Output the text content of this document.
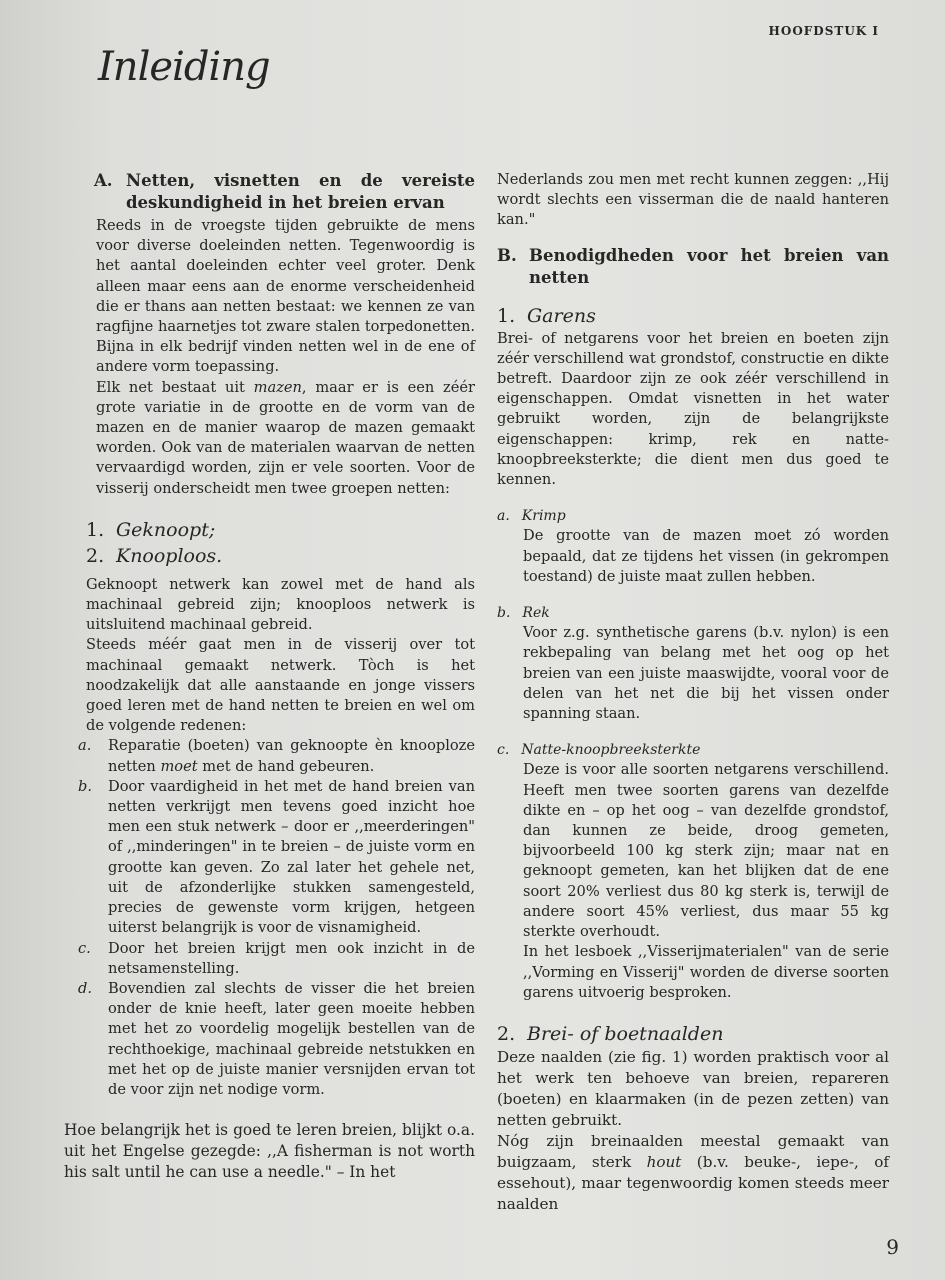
HOOFDSTUK I
Inleiding
A. Netten, visnetten en de vereiste deskundigheid in het breien ervan

Reeds in de vroegste tijden gebruikte de mens voor diverse doeleinden netten. Tegenwoordig is het aantal doeleinden echter veel groter. Denk alleen maar eens aan de enorme verscheidenheid die er thans aan netten bestaat: we kennen ze van ragfijne haarnetjes tot zware stalen torpedonetten. Bijna in elk bedrijf vinden netten wel in de ene of andere vorm toepassing.

Elk net bestaat uit mazen, maar er is een zéér grote variatie in de grootte en de vorm van de mazen en de manier waarop de mazen gemaakt worden. Ook van de materialen waarvan de netten vervaardigd worden, zijn er vele soorten. Voor de visserij onderscheidt men twee groepen netten:

1. Geknoopt;
2. Knooploos.

Geknoopt netwerk kan zowel met de hand als machinaal gebreid zijn; knooploos netwerk is uitsluitend machinaal gebreid.

Steeds méér gaat men in de visserij over tot machinaal gemaakt netwerk. Tòch is het noodzakelijk dat alle aanstaande en jonge vissers goed leren met de hand netten te breien en wel om de volgende redenen:

a.	Reparatie (boeten) van geknoopte èn knooploze netten moet met de hand gebeuren.
b.	Door vaardigheid in het met de hand breien van netten verkrijgt men tevens goed inzicht hoe men een stuk netwerk – door er ,,meerderingen" of ,,minderingen" in te breien – de juiste vorm en grootte kan geven. Zo zal later het gehele net, uit de afzonderlijke stukken samengesteld, precies de gewenste vorm krijgen, hetgeen uiterst belangrijk is voor de visnamigheid.
c.	Door het breien krijgt men ook inzicht in de netsamenstelling.
d.	Bovendien zal slechts de visser die het breien onder de knie heeft, later geen moeite hebben met het zo voordelig mogelijk bestellen van de rechthoekige, machinaal gebreide netstukken en met het op de juiste manier versnijden ervan tot de voor zijn net nodige vorm.

Hoe belangrijk het is goed te leren breien, blijkt o.a. uit het Engelse gezegde: ,,A fisherman is not worth his salt until he can use a needle." – In het

Nederlands zou men met recht kunnen zeggen: ,,Hij wordt slechts een visserman die de naald hanteren kan."

B. Benodigdheden voor het breien van netten
1. Garens

Brei- of netgarens voor het breien en boeten zijn zéér verschillend wat grondstof, constructie en dikte betreft. Daardoor zijn ze ook zéér verschillend in eigenschappen. Omdat visnetten in het water gebruikt worden, zijn de belangrijkste eigenschappen: krimp, rek en natte-knoopbreeksterkte; die dient men dus goed te kennen.

a. Krimp

De grootte van de mazen moet zó worden bepaald, dat ze tijdens het vissen (in gekrompen toestand) de juiste maat zullen hebben.

b. Rek

Voor z.g. synthetische garens (b.v. nylon) is een rekbepaling van belang met het oog op het breien van een juiste maaswijdte, vooral voor de delen van het net die bij het vissen onder spanning staan.

c. Natte-knoopbreeksterkte

Deze is voor alle soorten netgarens verschillend. Heeft men twee soorten garens van dezelfde dikte en – op het oog – van dezelfde grondstof, dan kunnen ze beide, droog gemeten, bijvoorbeeld 100 kg sterk zijn; maar nat en geknoopt gemeten, kan het blijken dat de ene soort 20% verliest dus 80 kg sterk is, terwijl de andere soort 45% verliest, dus maar 55 kg sterkte overhoudt.

In het lesboek ,,Visserijmaterialen" van de serie ,,Vorming en Visserij" worden de diverse soorten garens uitvoerig besproken.

2. Brei- of boetnaalden

Deze naalden (zie fig. 1) worden praktisch voor al het werk ten behoeve van breien, repareren (boeten) en klaarmaken (in de pezen zetten) van netten gebruikt.

Nóg zijn breinaalden meestal gemaakt van buigzaam, sterk hout (b.v. beuke-, iepe-, of essehout), maar tegenwoordig komen steeds meer naalden

9
